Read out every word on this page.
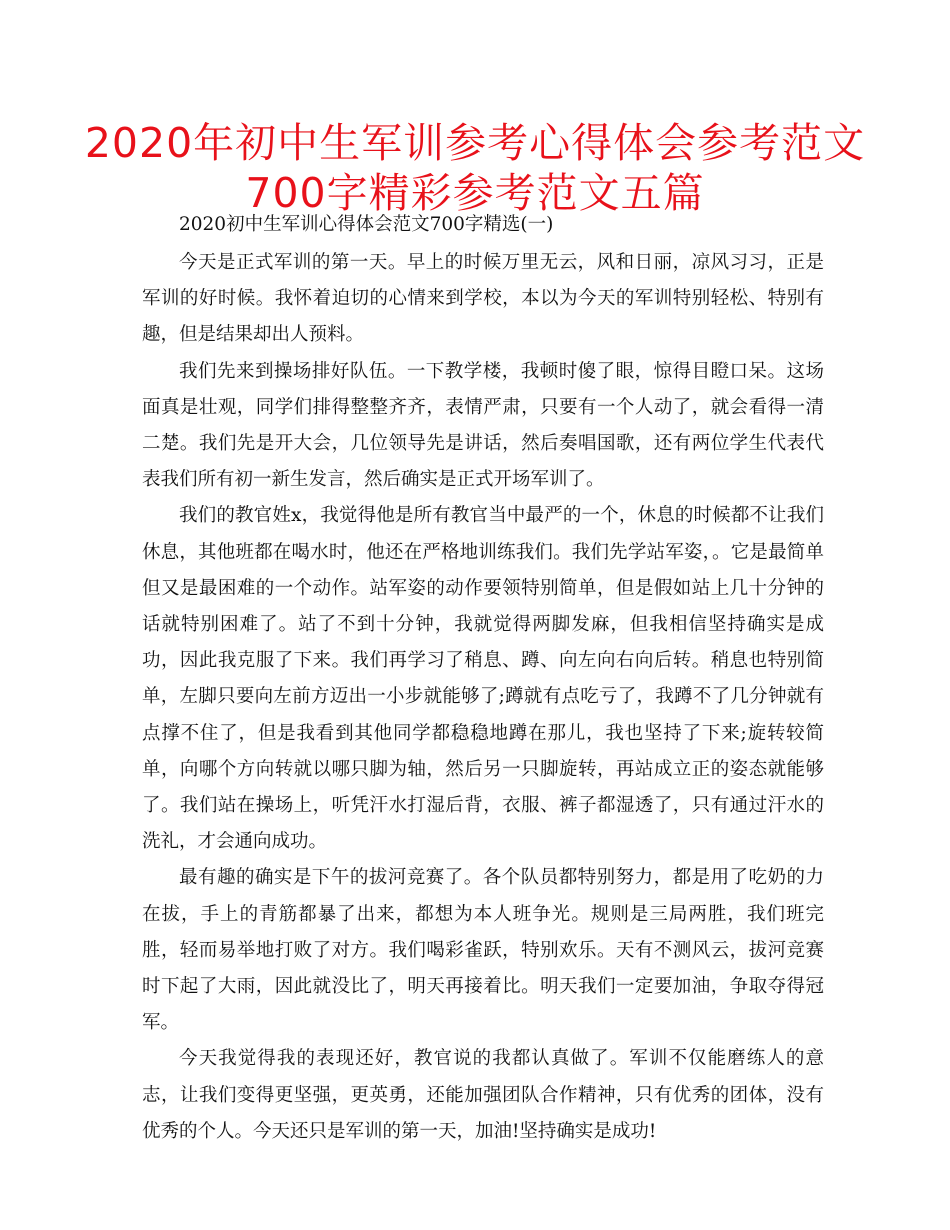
2020年初中生军训参考心得体会参考范文
700字精彩参考范文五篇

2020初中生军训心得体会范文700字精选(一)

今天是正式军训的第一天。早上的时候万里无云，风和日丽，凉风习习，正是军训的好时候。我怀着迫切的心情来到学校，本以为今天的军训特别轻松、特别有趣，但是结果却出人预料。

我们先来到操场排好队伍。一下教学楼，我顿时傻了眼，惊得目瞪口呆。这场面真是壮观，同学们排得整整齐齐，表情严肃，只要有一个人动了，就会看得一清二楚。我们先是开大会，几位领导先是讲话，然后奏唱国歌，还有两位学生代表代表我们所有初一新生发言，然后确实是正式开场军训了。

我们的教官姓x，我觉得他是所有教官当中最严的一个，休息的时候都不让我们休息，其他班都在喝水时，他还在严格地训练我们。我们先学站军姿，。它是最简单但又是最困难的一个动作。站军姿的动作要领特别简单，但是假如站上几十分钟的话就特别困难了。站了不到十分钟，我就觉得两脚发麻，但我相信坚持确实是成功，因此我克服了下来。我们再学习了稍息、蹲、向左向右向后转。稍息也特别简单，左脚只要向左前方迈出一小步就能够了;蹲就有点吃亏了，我蹲不了几分钟就有点撑不住了，但是我看到其他同学都稳稳地蹲在那儿，我也坚持了下来;旋转较简单，向哪个方向转就以哪只脚为轴，然后另一只脚旋转，再站成立正的姿态就能够了。我们站在操场上，听凭汗水打湿后背，衣服、裤子都湿透了，只有通过汗水的洗礼，才会通向成功。

最有趣的确实是下午的拔河竞赛了。各个队员都特别努力，都是用了吃奶的力在拔，手上的青筋都暴了出来，都想为本人班争光。规则是三局两胜，我们班完胜，轻而易举地打败了对方。我们喝彩雀跃，特别欢乐。天有不测风云，拔河竞赛时下起了大雨，因此就没比了，明天再接着比。明天我们一定要加油，争取夺得冠军。

今天我觉得我的表现还好，教官说的我都认真做了。军训不仅能磨练人的意志，让我们变得更坚强，更英勇，还能加强团队合作精神，只有优秀的团体，没有优秀的个人。今天还只是军训的第一天，加油!坚持确实是成功!
